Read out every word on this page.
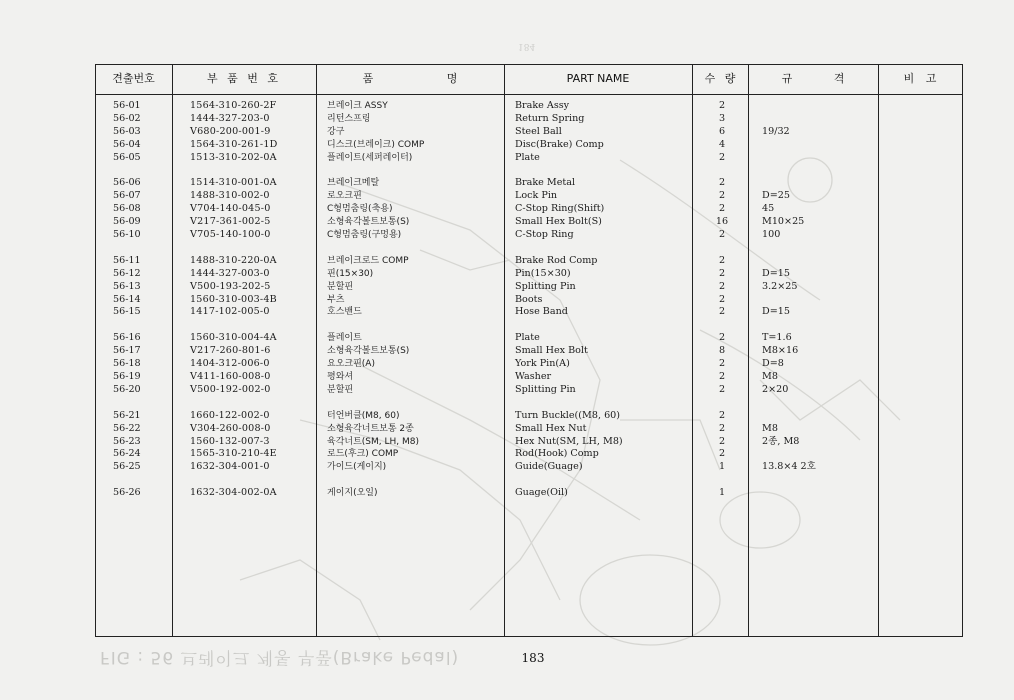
184
견출번호	부 품 번 호	품 명	PART NAME	수 량	규 격	비 고
56-01	1564-310-260-2F	브레이크 ASSY	Brake Assy	2
56-02	1444-327-203-0	리턴스프링	Return Spring	3
56-03	V680-200-001-9	강구	Steel Ball	6	19/32
56-04	1564-310-261-1D	디스크(브레이크) COMP	Disc(Brake) Comp	4
56-05	1513-310-202-0A	플레이트(세퍼레이터)	Plate	2
56-06	1514-310-001-0A	브레이크메탈	Brake Metal	2
56-07	1488-310-002-0	로오크핀	Lock Pin	2	D=25
56-08	V704-140-045-0	C형멈춤링(축용)	C-Stop Ring(Shift)	2	45
56-09	V217-361-002-5	소형육각볼트보통(S)	Small Hex Bolt(S)	16	M10×25
56-10	V705-140-100-0	C형멈춤링(구멍용)	C-Stop Ring	2	100
56-11	1488-310-220-0A	브레이크로드 COMP	Brake Rod Comp	2
56-12	1444-327-003-0	핀(15×30)	Pin(15×30)	2	D=15
56-13	V500-193-202-5	분할핀	Splitting Pin	2	3.2×25
56-14	1560-310-003-4B	부츠	Boots	2
56-15	1417-102-005-0	호스밴드	Hose Band	2	D=15
56-16	1560-310-004-4A	플레이트	Plate	2	T=1.6
56-17	V217-260-801-6	소형육각볼트보통(S)	Small Hex Bolt	8	M8×16
56-18	1404-312-006-0	요오크핀(A)	York Pin(A)	2	D=8
56-19	V411-160-008-0	평와셔	Washer	2	M8
56-20	V500-192-002-0	분할핀	Splitting Pin	2	2×20
56-21	1660-122-002-0	터언버클(M8, 60)	Turn Buckle((M8, 60)	2
56-22	V304-260-008-0	소형육각너트보통 2종	Small Hex Nut	2	M8
56-23	1560-132-007-3	육각너트(SM, LH, M8)	Hex Nut(SM, LH, M8)	2	2종, M8
56-24	1565-310-210-4E	로드(후크) COMP	Rod(Hook) Comp	2
56-25	1632-304-001-0	가이드(게이지)	Guide(Guage)	1	13.8×4 2호
56-26	1632-304-002-0A	게이지(오일)	Guage(Oil)	1
FIG : 56 브레이크 계통 부품(Brake Pedal)	183
